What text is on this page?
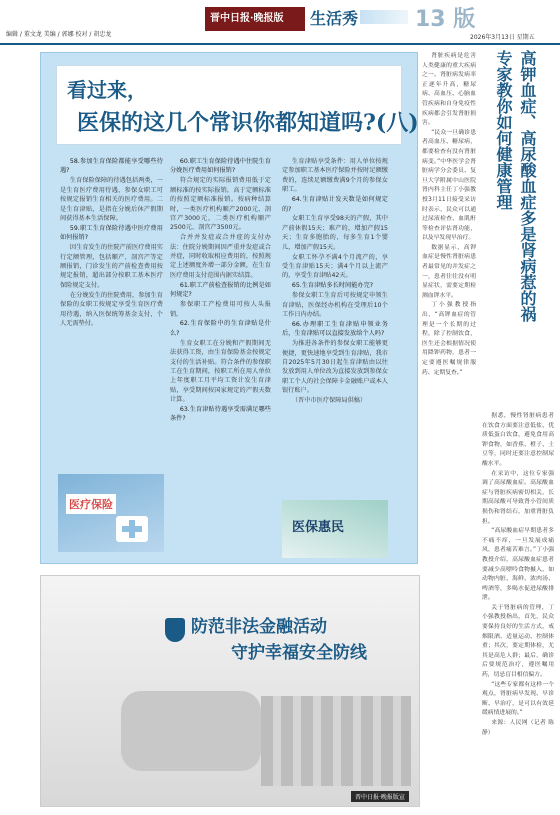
编辑 / 董文龙 美编 / 郭娜 校对 / 胡忠龙
晋中日报·晚报版	生活秀	13 版
2026年3月13日 星期五
看过来，
医保的这几个常识你都知道吗?(八)

58.参加生育保险都能享受哪些待遇?

生育保险保障的待遇包括两类，一是生育医疗费用待遇，参保女职工可按规定报销生育相关的医疗费用。二是生育津贴，是指在分娩后休产假期间获得基本生活保障。

59.职工生育保险待遇中医疗费用如何报销?

因生育发生的住院产前医疗费用实行定额管理，包括顺产、剖宫产等定额报销，门诊发生的产前检查费用按规定报销，超出部分按职工基本医疗保险规定支付。

在分娩发生的住院费用，参加生育保险的女职工按规定享受生育医疗费用待遇，纳入医保统筹基金支付，个人无需垫付。

60.职工生育保险待遇中住院生育分娩医疗费用如何报销?

符合规定的实际报销费用低于定额标准的按实际报销，高于定额标准的按照定额标准报销。按病种结算时，一类医疗机构顺产2000元、剖宫产3000元，二类医疗机构顺产2500元、剖宫产3500元。

合并并发症或合并症的支付办法：住院分娩期间因严重并发症或合并症，同时收取相应费用的，按照规定上述额度外增一部分金额，在生育医疗费用支付范围内据实结算。

61.职工产前检查报销的比例是如何规定?

参保职工产检费用可按人头报销。

62.生育保险中的生育津贴是什么?

生育女职工在分娩和产假期间无法获得工资，由生育保险基金按规定支付的生活补贴。符合条件的参保职工在生育期间，按职工所在用人单位上年度职工月平均工资计发生育津贴，享受期间按国家规定的产假天数计算。

63.生育津贴待遇享受需满足哪些条件?

生育津贴享受条件：用人单位按规定参加职工基本医疗保险并按时足额缴费的，连续足额缴费满9个月的参保女职工。

64.生育津贴计发天数是如何规定的?

女职工生育享受98天的产假，其中产前休假15天；难产的，增加产假15天；生育多胞胎的，每多生育1个婴儿，增加产假15天。

女职工怀孕不满4个月流产的，享受生育津贴15天；满4个月以上流产的，享受生育津贴42天。

65.生育津贴多长时间能办完?

参保女职工生育后可按规定申领生育津贴，医保经办机构在受理后10个工作日内办结。

66.办理职工生育津贴申领业务后，生育津贴可以直接发放给个人吗?

为推进各条件的参保女职工能够更便捷，更快速地享受到生育津贴，我市自2025年5月30日起生育津贴由以往发放到用人单位改为直接发放到参保女职工个人的社会保障卡金融账户或本人银行账户。

（晋中市医疗保障局供稿）

医疗保险
医保惠民

肾脏疾病是危害人类健康的重大疾病之一。肾脏病发病率正逐年升高，糖尿病、高血压、心脑血管疾病和自身免疫性疾病都会引发肾脏损害。

“民众一旦确诊患者高血压、糖尿病，都要检查有没有肾脏病变。”中华医学会肾脏病学分会委员、复旦大学附属中山医院肾内科主任丁小强教授3月11日接受采访时表示，民众可以通过尿液检查、血肌酐等检查评估肾功能，以及早发现早治疗。

数据显示，高钾血症是慢性肾脏病患者最常见的并发症之一，患者往往没有明显症状，需要定期检测血钾水平。

丁小强教授指出，“高钾血症的管理是一个长期的过程，除了控制饮食，医生还会根据情况使用降钾药物，患者一定要遵医嘱规律服药、定期复查。”

高钾血症、高尿酸血症多是肾病惹的祸
专家教你如何健康管理

据悉，慢性肾脏病患者在饮食方面要注意低盐、优质低蛋白饮食，避免食用高钾食物，如香蕉、橙子、土豆等，同时还要注意控制尿酸水平。

在采访中，这位专家强调了高尿酸血症。高尿酸血症与肾脏疾病密切相关，长期高尿酸可导致肾小管间质损伤和肾结石，加重肾脏负担。

“高尿酸血症早期患者多不痛不痒，一旦发展成痛风，患者痛苦难言。”丁小强教授介绍，高尿酸血症患者要减少高嘌呤食物摄入，如动物内脏、海鲜、浓肉汤、啤酒等，多喝水促进尿酸排泄。

关于肾脏病的管理，丁小强教授指出，首先，民众要保持良好的生活方式，戒烟限酒、适量运动、控制体重；其次，要定期体检，尤其是高危人群；最后，确诊后要规范治疗，遵医嘱用药，切忌盲目相信偏方。

“这些专家都有这样一个观点，肾脏病早发现、早诊断、早治疗，是可以有效延缓病情进展的。”

来源：人民网（记者 陈静）

防范非法金融活动
守护幸福安全防线
晋中日报·晚报版宣
